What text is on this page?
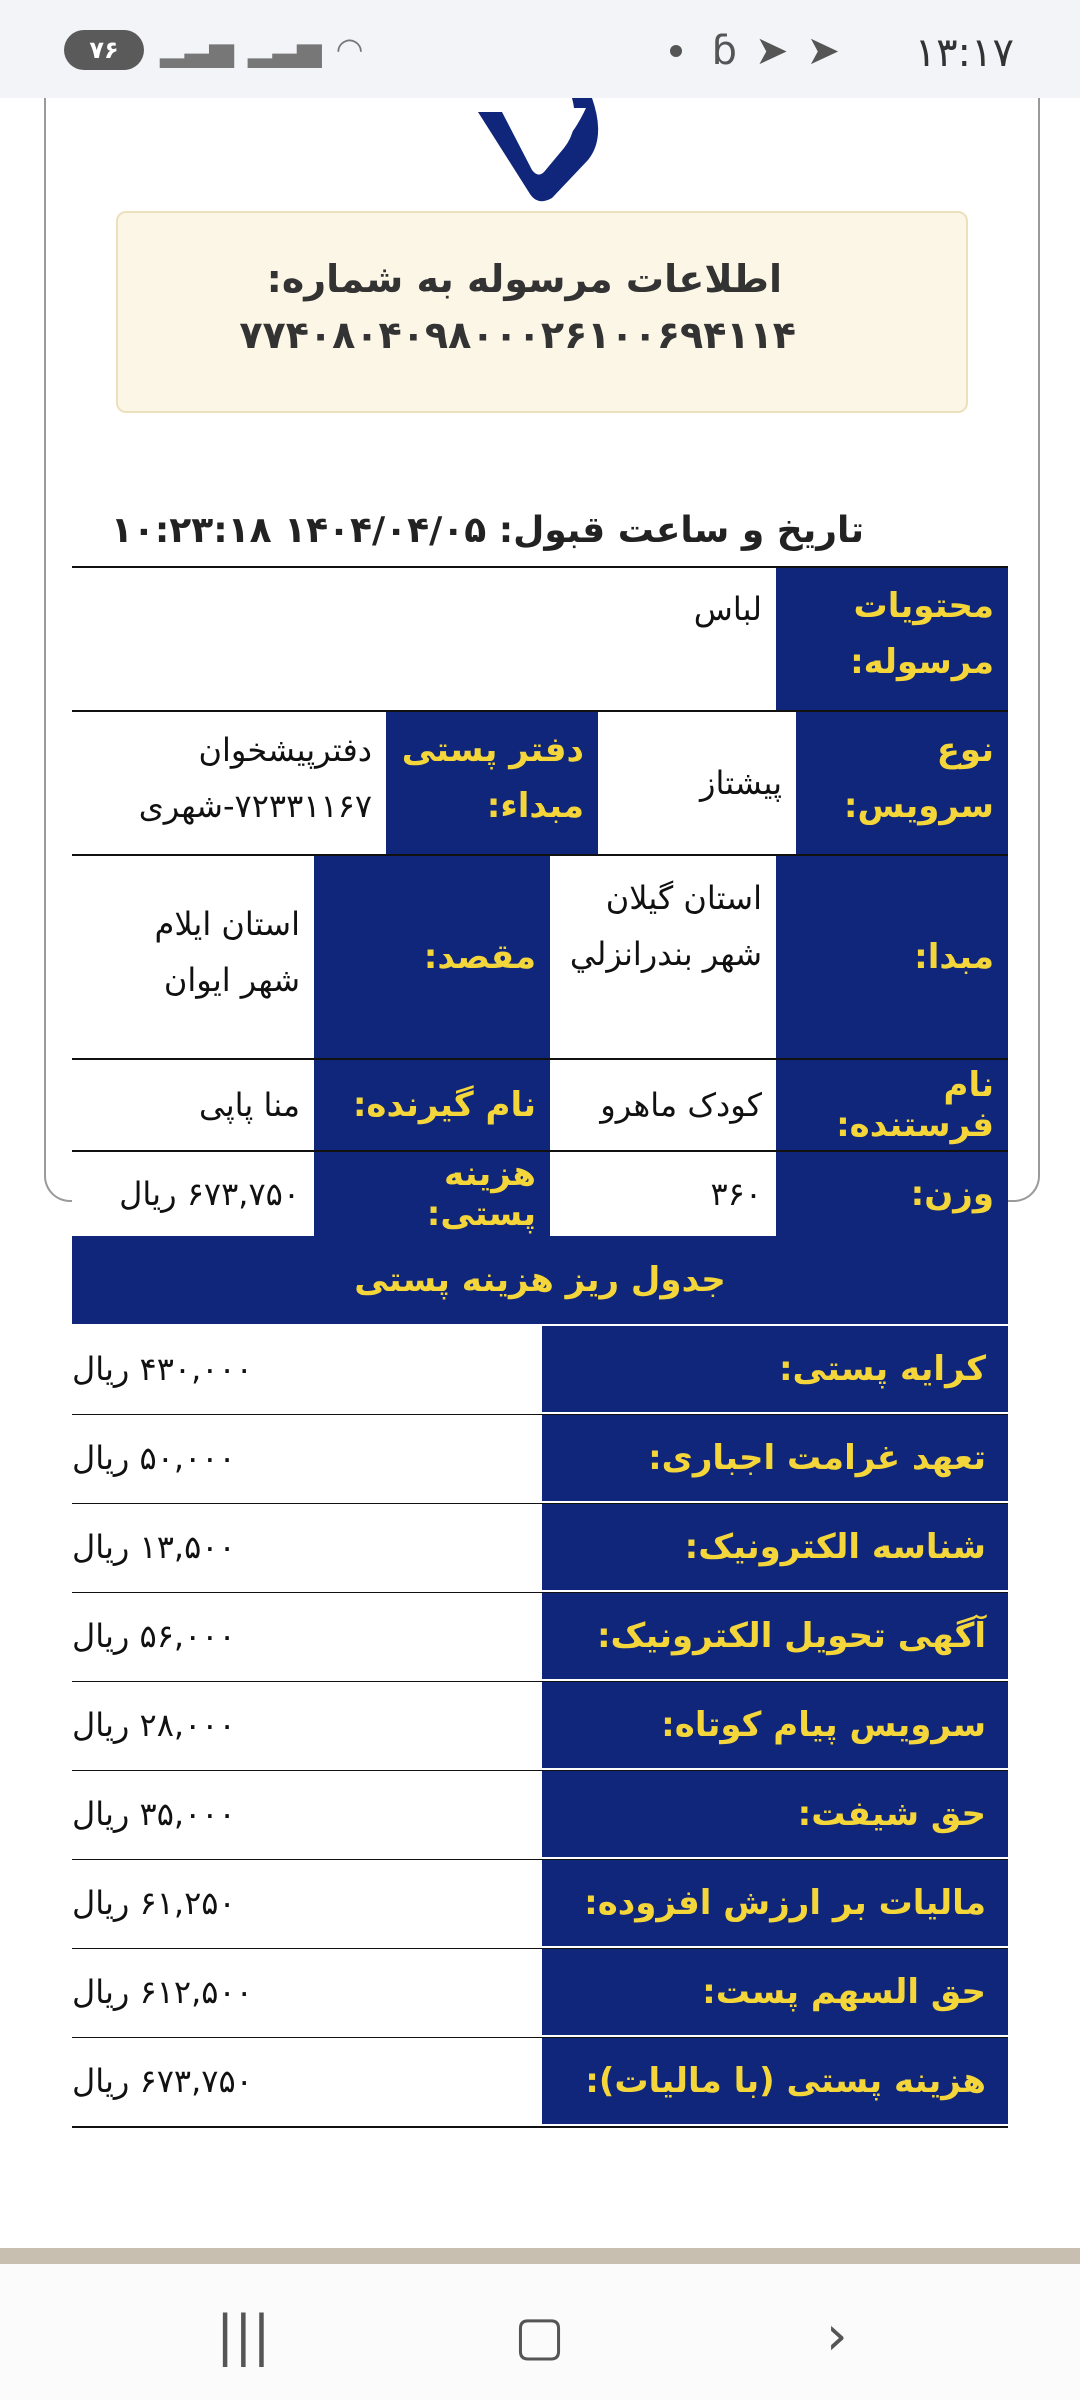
۷۶	▂▃▅ ▂▃▅ ◠	ɓ ➤ ➤ ۱۳:۱۷
اطلاعات مرسوله به شماره:
۷۷۴۰۸۰۴۰۹۸۰۰۰۲۶۱۰۰۶۹۴۱۱۴
تاریخ و ساعت قبول: ۱۴۰۴/۰۴/۰۵ ۱۰:۲۳:۱۸
محتویات مرسوله:
لباس
نوع سرویس:
پیشتاز
دفتر پستی مبداء:
دفترپیشخوان ۷۲۳۳۱۱۶۷-شهری
مبدا:
استان گیلان شهر بندرانزلي
مقصد:
استان ایلام شهر ایوان
نام فرستنده:
کودک ماهرو
نام گیرنده:
منا پاپی
وزن:
۳۶۰
هزینه پستی:
۶۷۳,۷۵۰ ریال
جدول ریز هزینه پستی
کرایه پستی:
۴۳۰,۰۰۰ ریال
تعهد غرامت اجباری:
۵۰,۰۰۰ ریال
شناسه الکترونیک:
۱۳,۵۰۰ ریال
آگهی تحویل الکترونیک:
۵۶,۰۰۰ ریال
سرویس پیام کوتاه:
۲۸,۰۰۰ ریال
حق شیفت:
۳۵,۰۰۰ ریال
مالیات بر ارزش افزوده:
۶۱,۲۵۰ ریال
حق السهم پست:
۶۱۲,۵۰۰ ریال
هزینه پستی (با مالیات):
۶۷۳,۷۵۰ ریال
|||	▢	›
